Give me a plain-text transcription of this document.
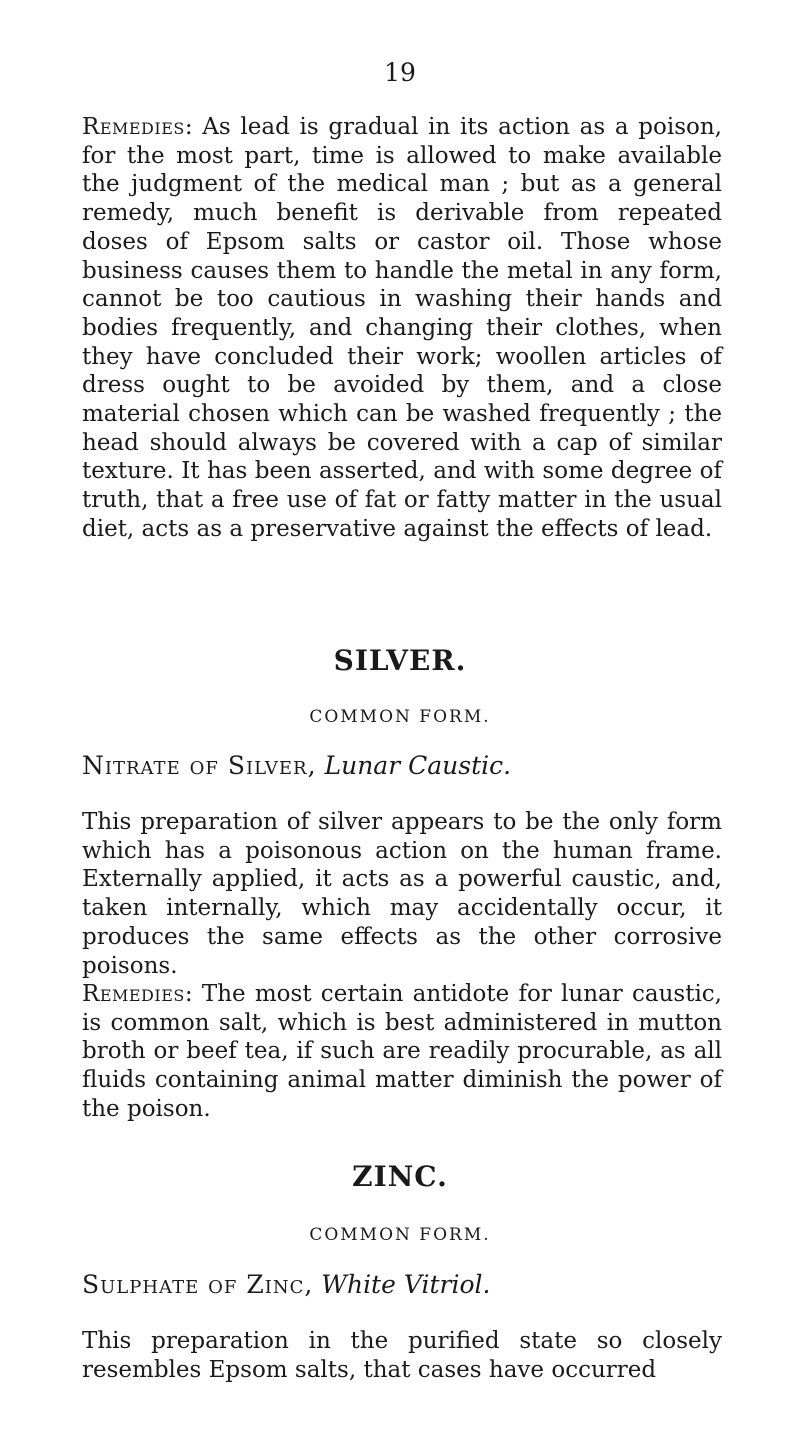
19

Remedies: As lead is gradual in its action as a poison, for the most part, time is allowed to make available the judgment of the medical man ; but as a general remedy, much benefit is derivable from repeated doses of Epsom salts or castor oil. Those whose business causes them to handle the metal in any form, cannot be too cautious in washing their hands and bodies frequently, and changing their clothes, when they have concluded their work; woollen articles of dress ought to be avoided by them, and a close material chosen which can be washed frequently ; the head should always be covered with a cap of similar texture. It has been asserted, and with some degree of truth, that a free use of fat or fatty matter in the usual diet, acts as a preservative against the effects of lead.

SILVER.
COMMON FORM.

Nitrate of Silver, Lunar Caustic.

This preparation of silver appears to be the only form which has a poisonous action on the human frame. Externally applied, it acts as a powerful caustic, and, taken internally, which may accidentally occur, it produces the same effects as the other corrosive poisons.

Remedies: The most certain antidote for lunar caustic, is common salt, which is best administered in mutton broth or beef tea, if such are readily procurable, as all fluids containing animal matter diminish the power of the poison.

ZINC.
COMMON FORM.

Sulphate of Zinc, White Vitriol.

This preparation in the purified state so closely resembles Epsom salts, that cases have occurred
